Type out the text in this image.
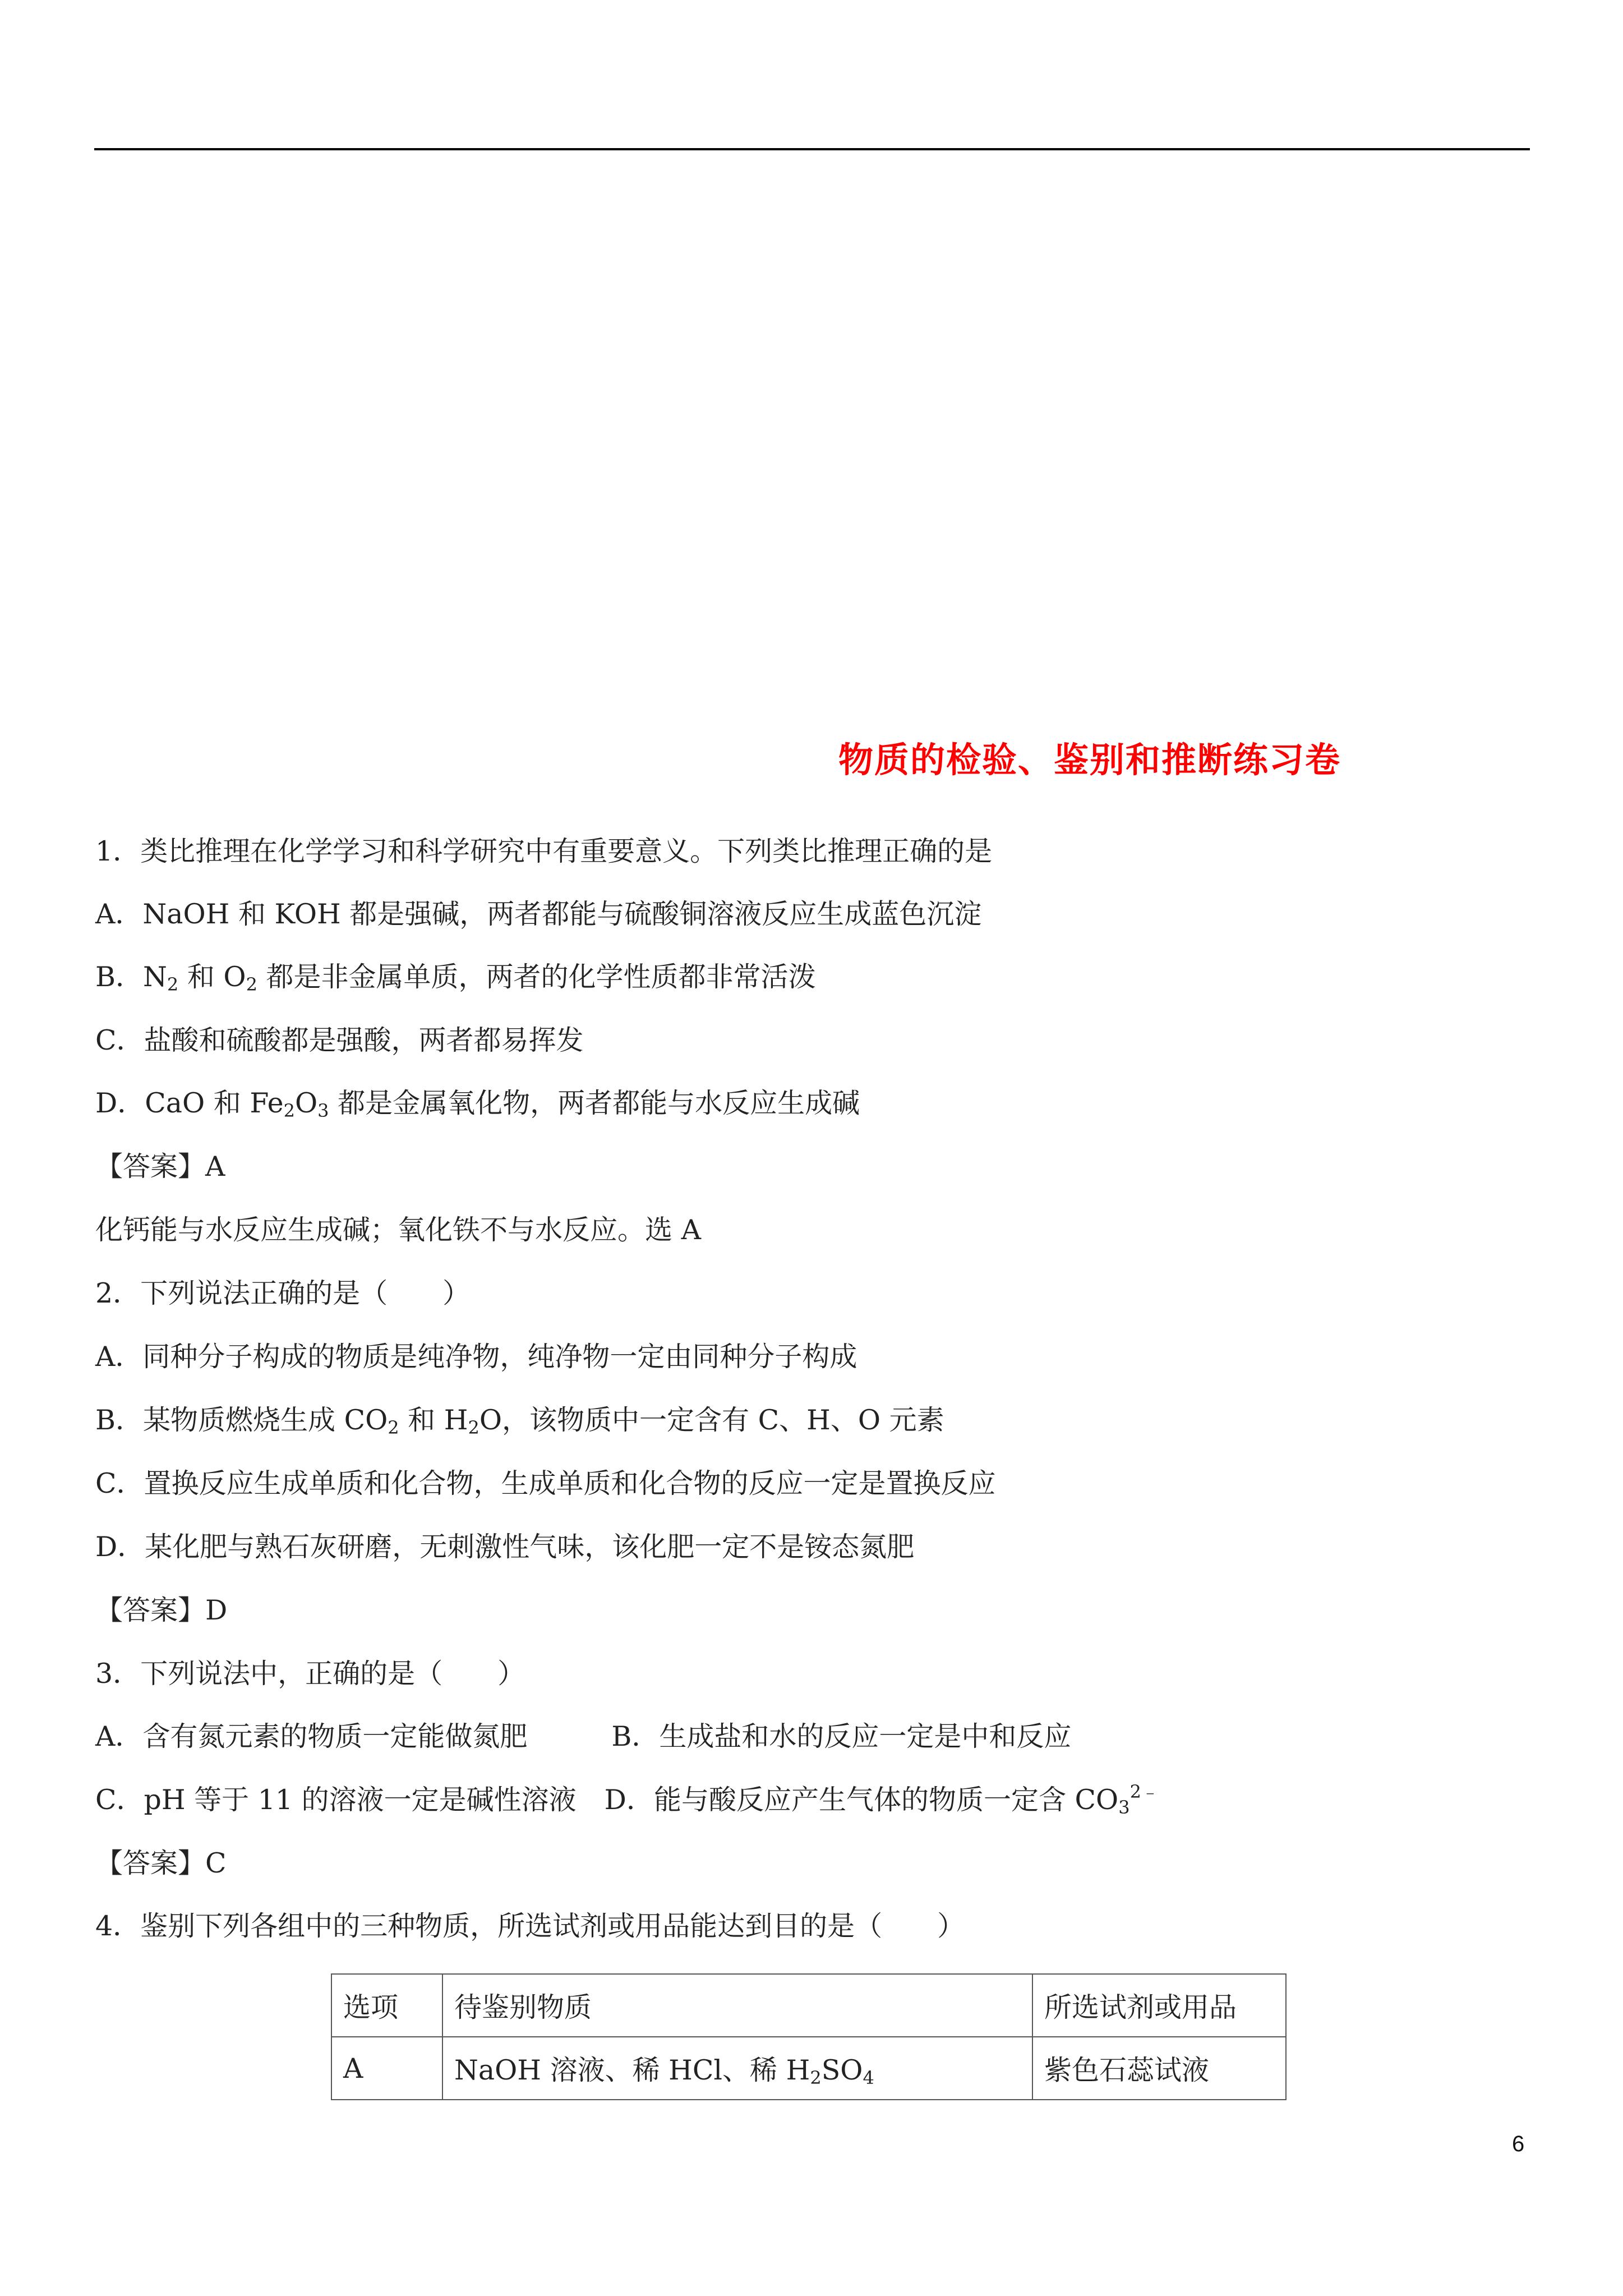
物质的检验、鉴别和推断练习卷
1．类比推理在化学学习和科学研究中有重要意义。下列类比推理正确的是
A．NaOH 和 KOH 都是强碱，两者都能与硫酸铜溶液反应生成蓝色沉淀
B．$N_2$ 和 $O_2$ 都是非金属单质，两者的化学性质都非常活泼
C．盐酸和硫酸都是强酸，两者都易挥发
D．CaO 和 $Fe_2O_3$ 都是金属氧化物，两者都能与水反应生成碱
【答案】A
化钙能与水反应生成碱；氧化铁不与水反应。选 A
2．下列说法正确的是（　　）
A．同种分子构成的物质是纯净物，纯净物一定由同种分子构成
B．某物质燃烧生成 $CO_2$ 和 $H_2O$，该物质中一定含有 C、H、O 元素
C．置换反应生成单质和化合物，生成单质和化合物的反应一定是置换反应
D．某化肥与熟石灰研磨，无刺激性气味，该化肥一定不是铵态氮肥
【答案】D
3．下列说法中，正确的是（　　）
A．含有氮元素的物质一定能做氮肥	B．生成盐和水的反应一定是中和反应
C．pH 等于 11 的溶液一定是碱性溶液 D．能与酸反应产生气体的物质一定含 $CO_3^{2﹣}$
【答案】C
4．鉴别下列各组中的三种物质，所选试剂或用品能达到目的是（　　）
选项	待鉴别物质	所选试剂或用品
A	NaOH 溶液、稀 HCl、稀 $H_2SO_4$	紫色石蕊试液
6
